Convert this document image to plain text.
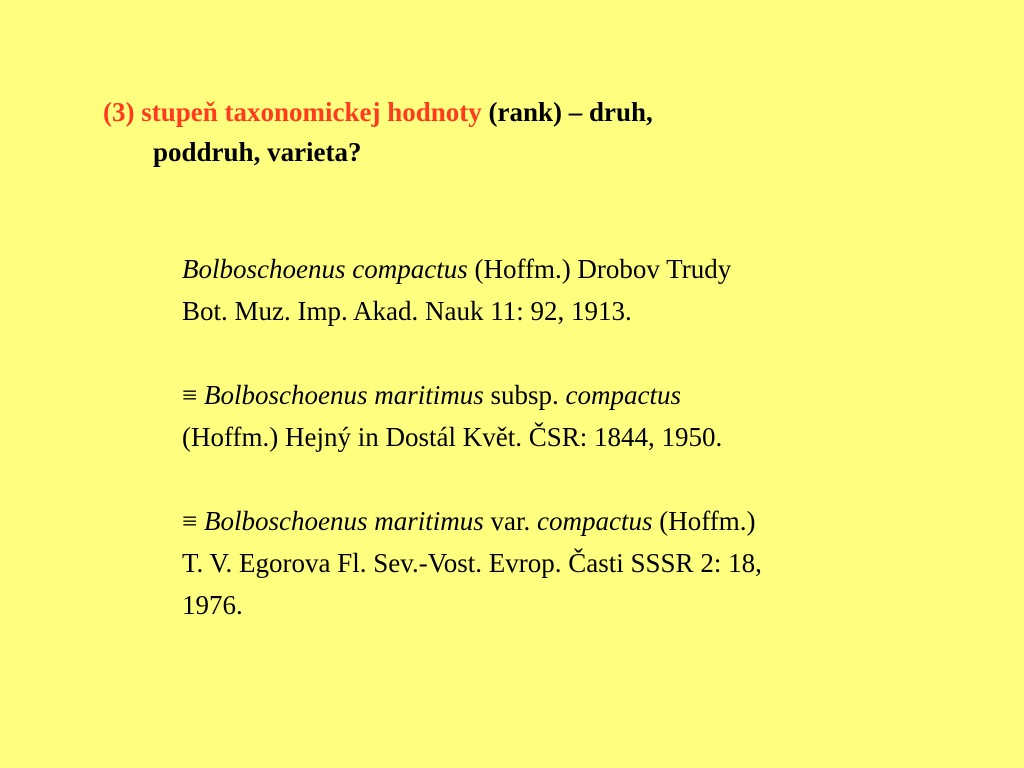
(3) stupeň taxonomickej hodnoty (rank) – druh,
poddruh, varieta?
Bolboschoenus compactus (Hoffm.) Drobov Trudy
Bot. Muz. Imp. Akad. Nauk 11: 92, 1913.
≡ Bolboschoenus maritimus subsp. compactus
(Hoffm.) Hejný in Dostál Květ. ČSR: 1844, 1950.
≡ Bolboschoenus maritimus var. compactus (Hoffm.)
T. V. Egorova Fl. Sev.-Vost. Evrop. Časti SSSR 2: 18,
1976.
